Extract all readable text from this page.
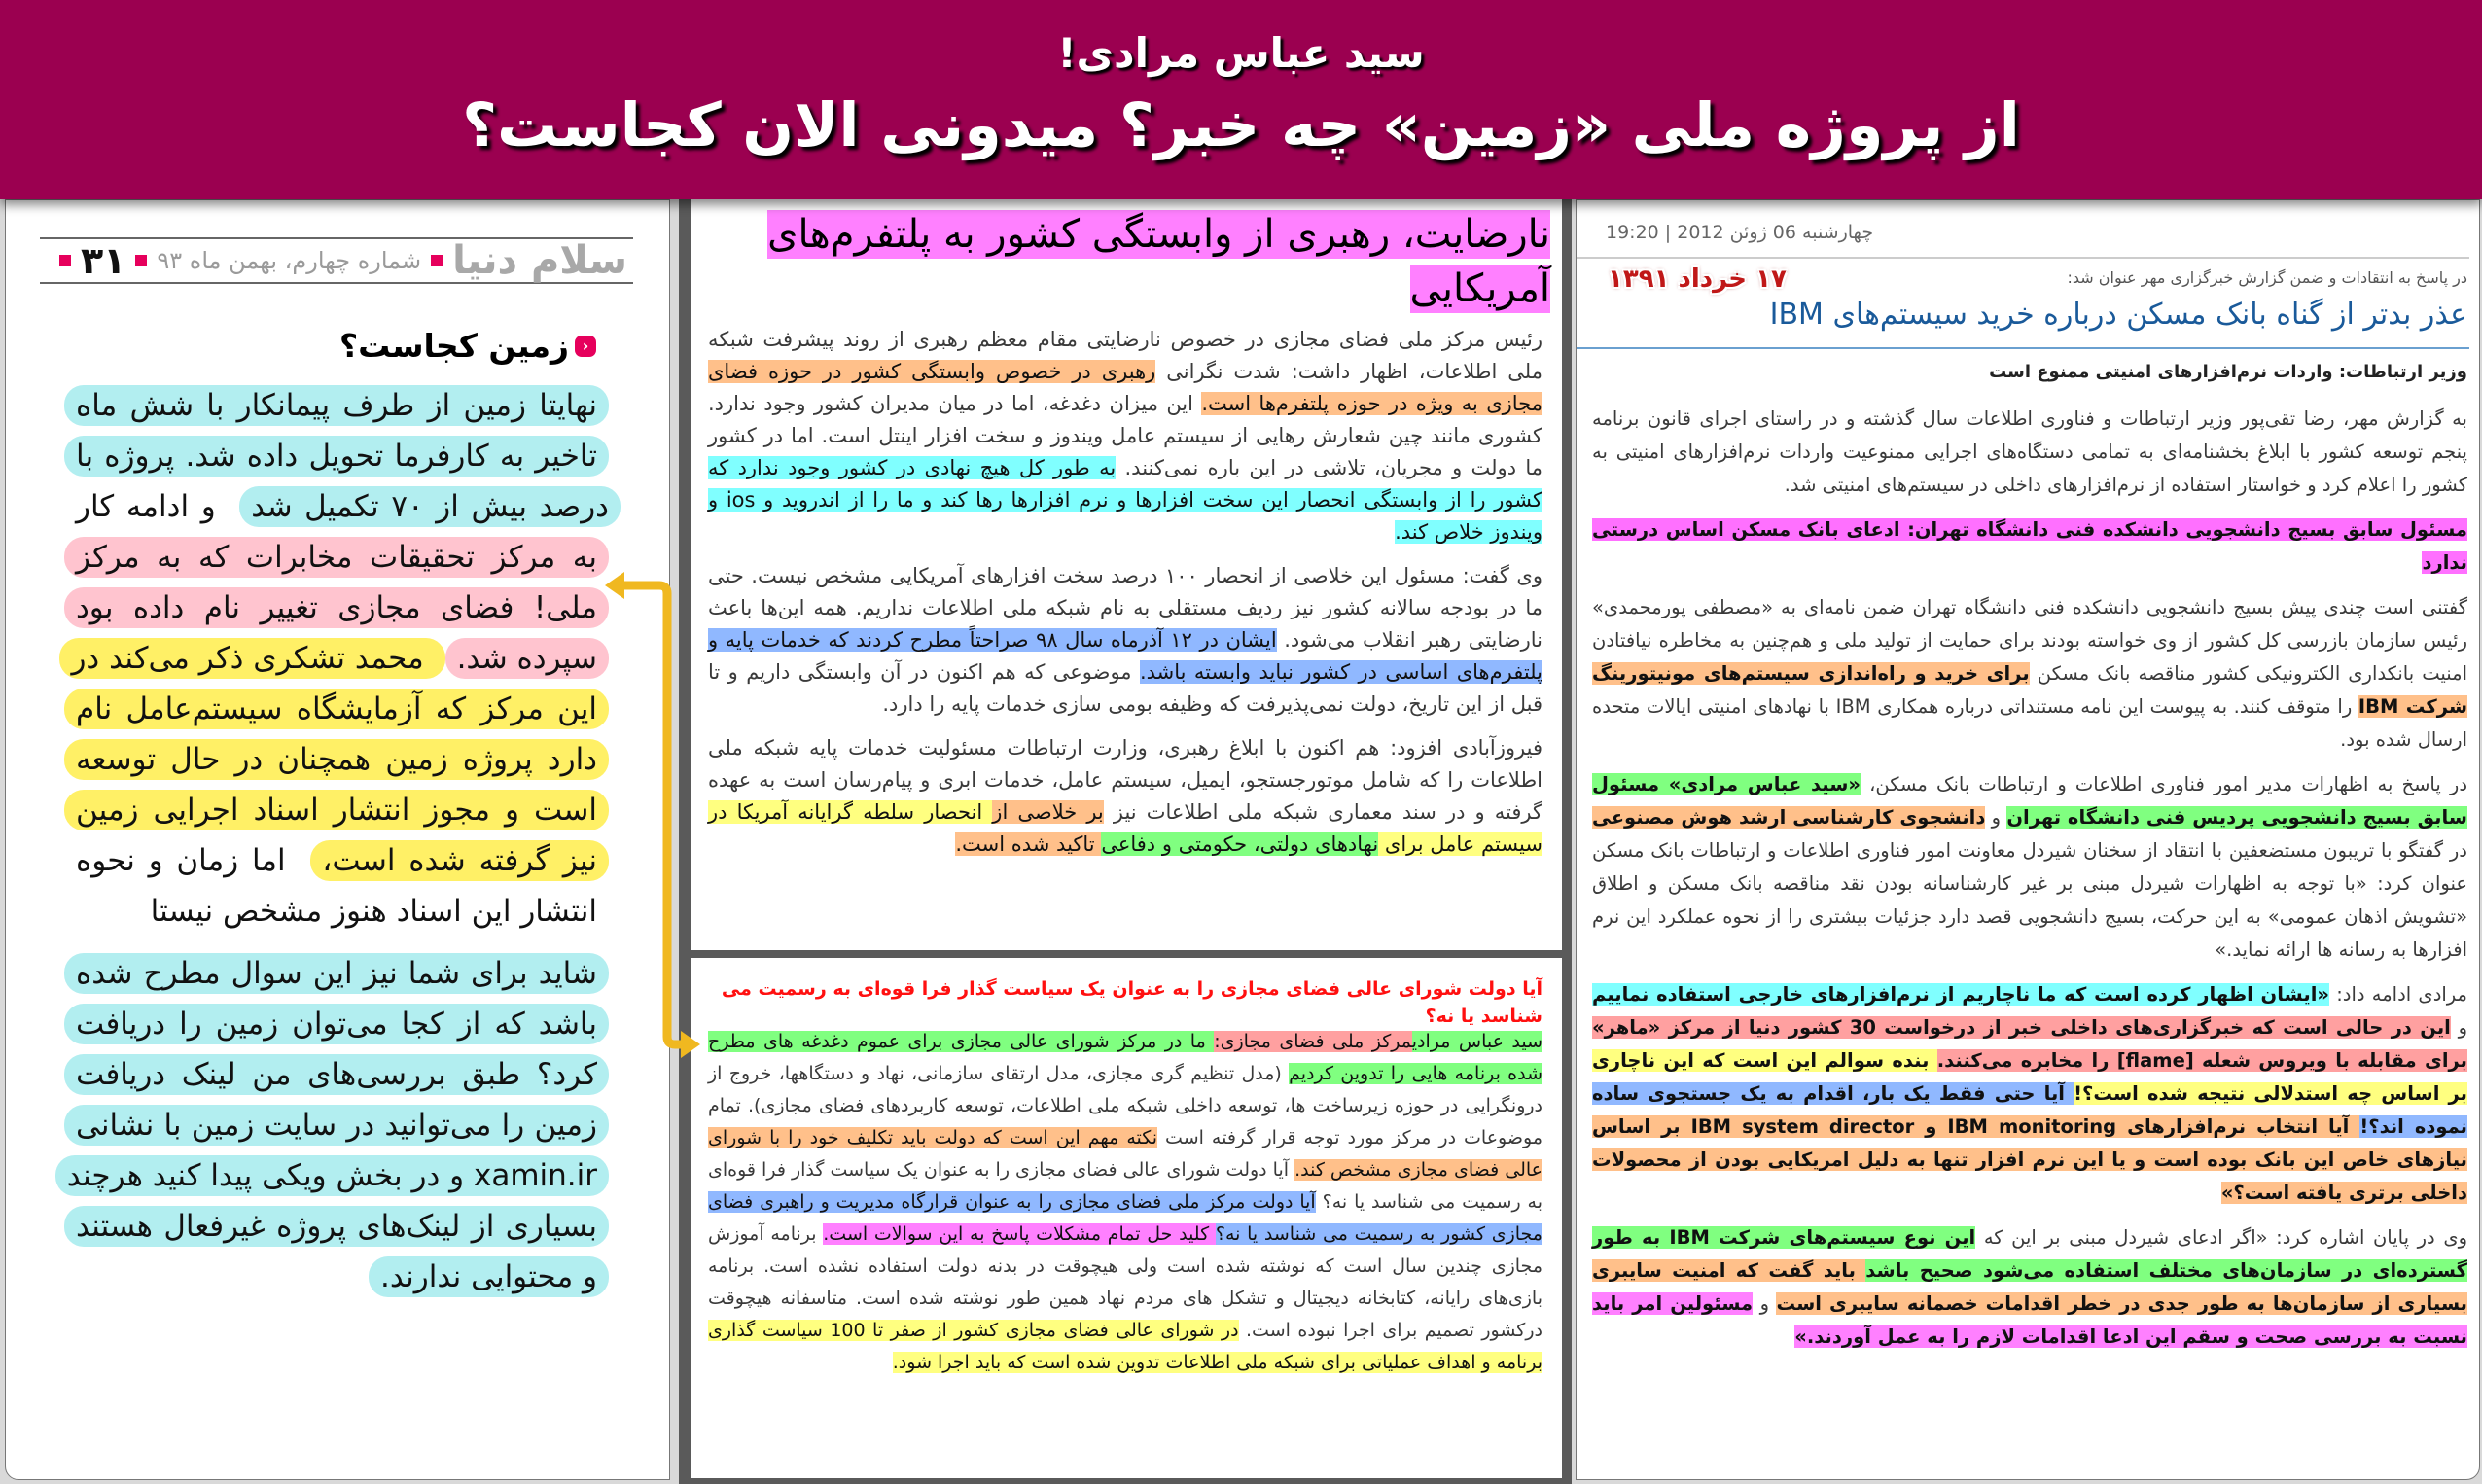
سید عباس مرادی!
از پروژه ملی «زمین» چه خبر؟ میدونی الان کجاست؟
سلام دنیا
شماره چهارم، بهمن ماه ۹۳
۳۱
‹
زمین کجاست؟

نهایتا زمین از طرف پیمانکار با شش ماه تاخیر به کارفرما تحویل داده شد. پروژه با درصد بیش از ۷۰ تکمیل شد و ادامه کار به مرکز تحقیقات مخابرات که به مرکز ملی! فضای مجازی تغییر نام داده بود سپرده شد. محمد تشکری ذکر می‌کند در این مرکز که آزمایشگاه سیستم‌عامل نام دارد پروژه زمین همچنان در حال توسعه است و مجوز انتشار اسناد اجرایی زمین نیز گرفته شده است، اما زمان و نحوه انتشار این اسناد هنوز مشخص نیستا

شاید برای شما نیز این سوال مطرح شده باشد که از کجا می‌توان زمین را دریافت کرد؟ طبق بررسی‌های من لینک دریافت زمین را می‌توانید در سایت زمین با نشانی xamin.ir و در بخش ویکی پیدا کنید هرچند بسیاری از لینک‌های پروژه غیرفعال هستند و محتوایی ندارند.

نارضایت، رهبری از وابستگی کشور به پلتفرم‌های آمریکایی

رئیس مرکز ملی فضای مجازی در خصوص نارضایتی مقام معظم رهبری از روند پیشرفت شبکه ملی اطلاعات، اظهار داشت: شدت نگرانی رهبری در خصوص وابستگی کشور در حوزه فضای مجازی به ویژه در حوزه پلتفرم‌ها است. این میزان دغدغه، اما در میان مدیران کشور وجود ندارد. کشوری مانند چین شعارش رهایی از سیستم عامل ویندوز و سخت افزار اینتل است. اما در کشور ما دولت و مجریان، تلاشی در این باره نمی‌کنند. به طور کل هیچ نهادی در کشور وجود ندارد که کشور را از وابستگی انحصار این سخت افزارها و نرم افزارها رها کند و ما را از اندروید و ios و ویندوز خلاص کند.

وی گفت: مسئول این خلاصی از انحصار ۱۰۰ درصد سخت افزارهای آمریکایی مشخص نیست. حتی ما در بودجه سالانه کشور نیز ردیف مستقلی به نام شبکه ملی اطلاعات نداریم. همه این‌ها باعث نارضایتی رهبر انقلاب می‌شود. ایشان در ۱۲ آذرماه سال ۹۸ صراحتاً مطرح کردند که خدمات پایه و پلتفرم‌های اساسی در کشور نباید وابسته باشد. موضوعی که هم اکنون در آن وابستگی داریم و تا قبل از این تاریخ، دولت نمی‌پذیرفت که وظیفه بومی سازی خدمات پایه را دارد.

فیروزآبادی افزود: هم اکنون با ابلاغ رهبری، وزارت ارتباطات مسئولیت خدمات پایه شبکه ملی اطلاعات را که شامل موتورجستجو، ایمیل، سیستم عامل، خدمات ابری و پیام‌رسان است به عهده گرفته و در سند معماری شبکه ملی اطلاعات نیز بر خلاصی از انحصار سلطه گرایانه آمریکا در سیستم عامل برای نهادهای دولتی، حکومتی و دفاعی تاکید شده است.

آیا دولت شورای عالی فضای مجازی را به عنوان یک سیاست گذار فرا قوه‌ای به رسمیت می شناسد یا نه؟

سید عباس مرادیمرکز ملی فضای مجازی: ما در مرکز شورای عالی مجازی برای عموم دغدغه های مطرح شده برنامه هایی را تدوین کردیم (مدل تنظیم گری مجازی، مدل ارتقای سازمانی، نهاد و دستگاهها، خروج از درونگرایی در حوزه زیرساخت ها، توسعه داخلی شبکه ملی اطلاعات، توسعه کاربردهای فضای مجازی). تمام موضوعات در مرکز مورد توجه قرار گرفته است نکته مهم این است که دولت باید تکلیف خود را با شورای عالی فضای مجازی مشخص کند. آیا دولت شورای عالی فضای مجازی را به عنوان یک سیاست گذار فرا قوه‌ای به رسمیت می شناسد یا نه؟ آیا دولت مرکز ملی فضای مجازی را به عنوان قرارگاه مدیریت و راهبری فضای مجازی کشور به رسمیت می شناسد یا نه؟ کلید حل تمام مشکلات پاسخ به این سوالات است. برنامه آموزش مجازی چندین سال است که نوشته شده است ولی هیچوقت در بدنه دولت استفاده نشده است. برنامه بازی‌های رایانه، کتابخانه دیجیتال و تشکل های مردم نهاد همین طور نوشته شده است. متاسفانه هیچوقت درکشور تصمیم برای اجرا نبوده است. در شورای عالی فضای مجازی کشور از صفر تا 100 سیاست گذاری برنامه و اهداف عملیاتی برای شبکه ملی اطلاعات تدوین شده است که باید اجرا شود.

چهارشنبه 06 ژوئن 2012 | 19:20
۱۷ خرداد ۱۳۹۱	در پاسخ به انتقادات و ضمن گزارش خبرگزاری مهر عنوان شد:
عذر بدتر از گناه بانک مسکن درباره خرید سیستم‌های IBM
وزیر ارتباطات: واردات نرم‌افزارهای امنیتی ممنوع است

به گزارش مهر، رضا تقی‌پور وزیر ارتباطات و فناوری اطلاعات سال گذشته و در راستای اجرای قانون برنامه پنجم توسعه کشور با ابلاغ بخشنامه‌ای به تمامی دستگاه‌های اجرایی ممنوعیت واردات نرم‌افزارهای امنیتی به کشور را اعلام کرد و خواستار استفاده از نرم‌افزارهای داخلی در سیستم‌های امنیتی شد.

مسئول سابق بسیج دانشجویی دانشکده فنی دانشگاه تهران: ادعای بانک مسکن اساس درستی ندارد

گفتنی است چندی پیش بسیج دانشجویی دانشکده فنی دانشگاه تهران ضمن نامه‌ای به «مصطفی پورمحمدی» رئیس سازمان بازرسی کل کشور از وی خواسته بودند برای حمایت از تولید ملی و هم‌چنین به مخاطره نیافتادن امنیت بانکداری الکترونیکی کشور مناقصه بانک مسکن برای خرید و راه‌اندازی سیستم‌های مونیتورینگ شرکت IBM را متوقف کنند. به پیوست این نامه مستنداتی درباره همکاری IBM با نهادهای امنیتی ایالات متحده ارسال شده بود.

در پاسخ به اظهارات مدیر امور فناوری اطلاعات و ارتباطات بانک مسکن، «سید عباس مرادی» مسئول سابق بسیج دانشجویی پردیس فنی دانشگاه تهران و دانشجوی کارشناسی ارشد هوش مصنوعی در گفتگو با تریبون مستضعفین با انتقاد از سخنان شیردل معاونت امور فناوری اطلاعات و ارتباطات بانک مسکن عنوان کرد: «با توجه به اظهارات شیردل مبنی بر غیر کارشناسانه بودن نقد مناقصه بانک مسکن و اطلاق «تشویش اذهان عمومی» به این حرکت، بسیج دانشجویی قصد دارد جزئیات بیشتری را از نحوه عملکرد این نرم افزارها به رسانه ها ارائه نماید.»

مرادی ادامه داد: «ایشان اظهار کرده است که ما ناچاریم از نرم‌افزارهای خارجی استفاده نماییم و این در حالی است که خبرگزاری‌های داخلی خبر از درخواست 30 کشور دنیا از مرکز «ماهر» برای مقابله با ویروس شعله [flame] را مخابره می‌کنند. بنده سوالم این است که این ناچاری بر اساس چه استدلالی نتیجه شده است؟! آیا حتی فقط یک بار، اقدام به یک جستجوی ساده نموده اند؟! آیا انتخاب نرم‌افزارهای IBM monitoring و IBM system director بر اساس نیازهای خاص این بانک بوده است و یا این نرم افزار تنها به دلیل امریکایی بودن از محصولات داخلی برتری یافته است؟»

وی در پایان اشاره کرد: «اگر ادعای شیردل مبنی بر این که این نوع سیستم‌های شرکت IBM به طور گسترده‌ای در سازمان‌های مختلف استفاده می‌شود صحیح باشد باید گفت که امنیت سایبری بسیاری از سازمان‌ها به طور جدی در خطر اقدامات خصمانه سایبری است و مسئولین امر باید نسبت به بررسی صحت و سقم این ادعا اقدامات لازم را به عمل آوردند.»
